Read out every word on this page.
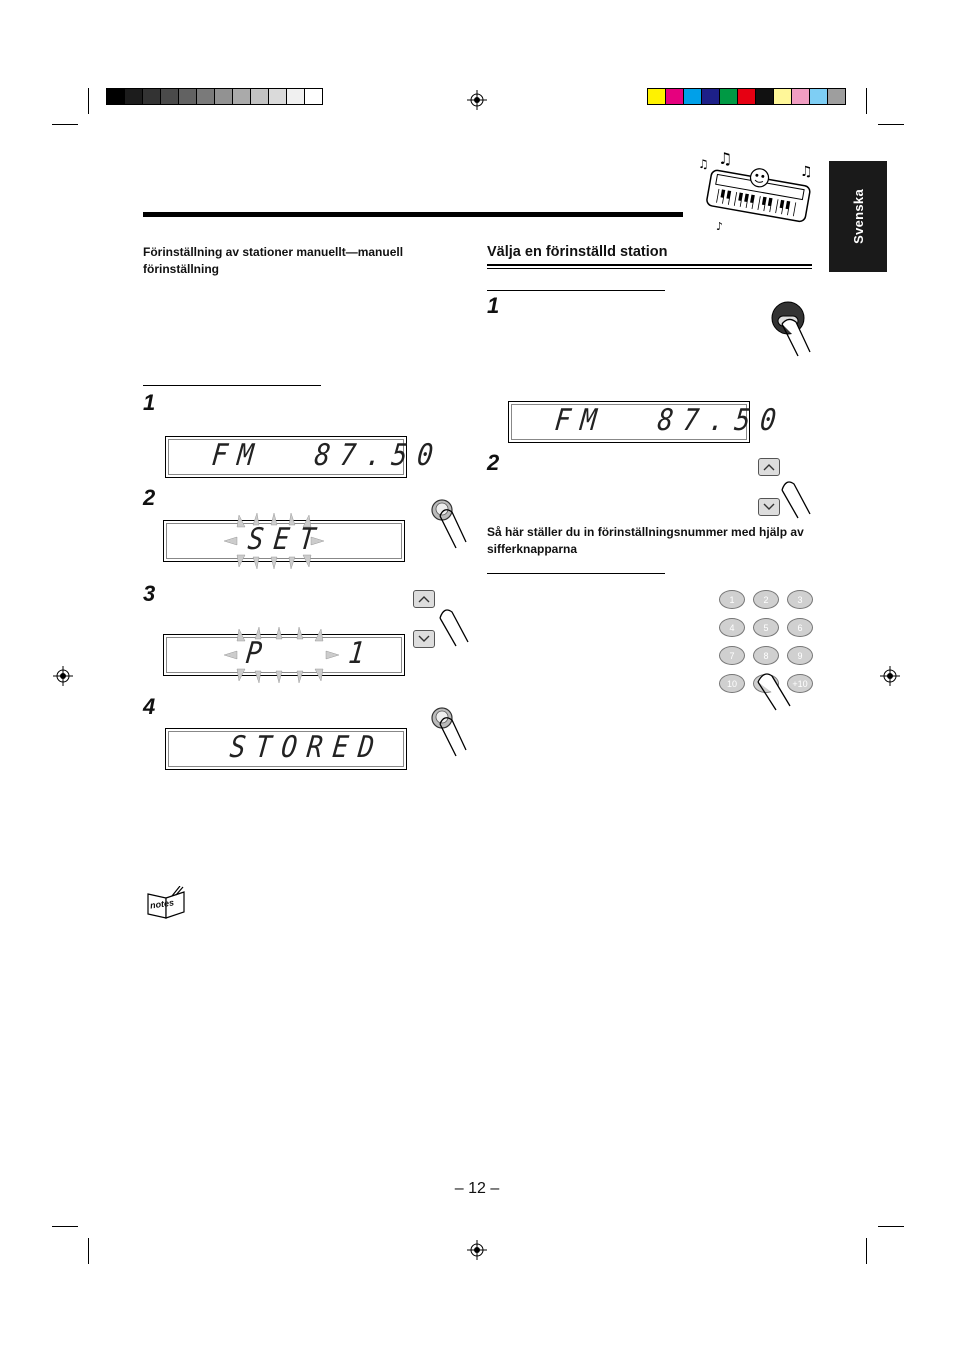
♫ ♫
♫
♪	Svenska
Förinställning av stationer manuellt—manuell förinställning
1
FM  87.50
2
SET
3
P   1
4
STORED
notes
Välja en förinställd station
1
FM  87.50
2
Så här ställer du in förinställningsnummer med hjälp av sifferknapparna
1	2	3
4	5	6
7	8	9
10	+10
– 12 –
